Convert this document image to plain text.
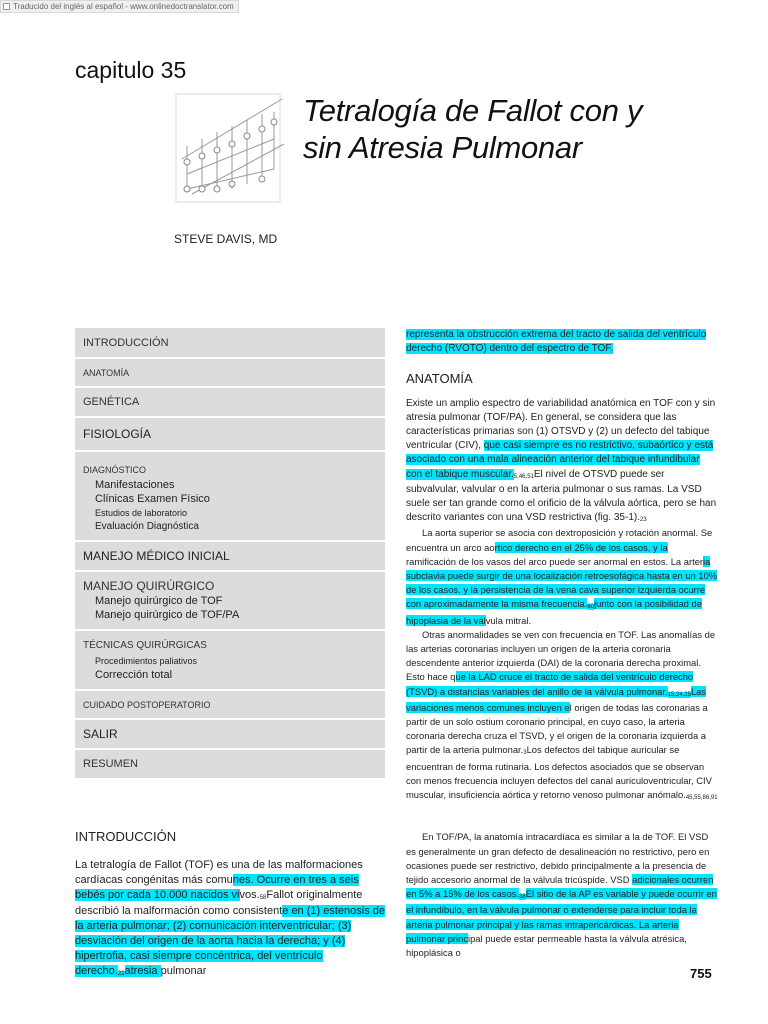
Traducido del inglés al español - www.onlinedoctranslator.com
capitulo 35
Tetralogía de Fallot con y
sin Atresia Pulmonar
STEVE DAVIS, MD
INTRODUCCIÓN
ANATOMÍA
GENÉTICA
FISIOLOGÍA
DIAGNÓSTICO
Manifestaciones
Clínicas Examen Físico
Estudios de laboratorio
Evaluación Diagnóstica
MANEJO MÉDICO INICIAL
MANEJO QUIRÚRGICO
Manejo quirúrgico de TOF
Manejo quirúrgico de TOF/PA
TÉCNICAS QUIRÚRGICAS
Procedimientos paliativos
Corrección total
CUIDADO POSTOPERATORIO
SALIR
RESUMEN
representa la obstrucción extrema del tracto de salida del ventrículo derecho (RVOTO) dentro del espectro de TOF.
ANATOMÍA
Existe un amplio espectro de variabilidad anatómica en TOF con y sin atresia pulmonar (TOF/PA). En general, se considera que las características primarias son (1) OTSVD y (2) un defecto del tabique ventricular (CIV), que casi siempre es no restrictivo, subaórtico y está asociado con una mala alineación anterior del tabique infundibular con el tabique muscular.$^{5,46,51}$El nivel de OTSVD puede ser subvalvular, valvular o en la arteria pulmonar o sus ramas. La VSD suele ser tan grande como el orificio de la válvula aórtica, pero se han descrito variantes con una VSD restrictiva (fig. 35-1).$^{23}$
La aorta superior se asocia con dextroposición y rotación anormal. Se encuentra un arco aortico derecho en el 25% de los casos, y la ramificación de los vasos del arco puede ser anormal en estos. La arteria subclavia puede surgir de una localización retroesofágica hasta en un 10% de los casos, y la persistencia de la vena cava superior izquierda ocurre con aproximadamente la misma frecuencia.$^{60}$junto con la posibilidad de hipoplasia de la válvula mitral.
Otras anormalidades se ven con frecuencia en TOF. Las anomalías de las arterias coronarias incluyen un origen de la arteria coronaria descendente anterior izquierda (DAI) de la coronaria derecha proximal. Esto hace que la LAD cruce el tracto de salida del ventrículo derecho (TSVD) a distancias variables del anillo de la válvula pulmonar.$^{15,24,25}$Las variaciones menos comunes incluyen el origen de todas las coronarias a partir de un solo ostium coronario principal, en cuyo caso, la arteria coronaria derecha cruza el TSVD, y el origen de la coronaria izquierda a partir de la arteria pulmonar.$^3$Los defectos del tabique auricular se encuentran de forma rutinaria. Los defectos asociados que se observan con menos frecuencia incluyen defectos del canal auriculoventricular, CIV muscular, insuficiencia aórtica y retorno venoso pulmonar anómalo.$^{45,55,86,91}$
En TOF/PA, la anatomía intracardíaca es similar a la de TOF. El VSD es generalmente un gran defecto de desalineación no restrictivo, pero en ocasiones puede ser restrictivo, debido principalmente a la presencia de tejido accesorio anormal de la válvula tricúspide. VSD adicionales ocurren en 5% a 15% de los casos.$^{38}$El sitio de la AP es variable y puede ocurrir en el infundíbulo, en la válvula pulmonar o extenderse para incluir toda la arteria pulmonar principal y las ramas intrapericárdicas. La arteria pulmonar principal puede estar permeable hasta la válvula atrésica, hipoplásica o
INTRODUCCIÓN
La tetralogía de Fallot (TOF) es una de las malformaciones cardíacas congénitas más comunes. Ocurre en tres a seis bebés por cada 10.000 nacidos vivos.$^{58}$Fallot originalmente describió la malformación como consistente en (1) estenosis de la arteria pulmonar; (2) comunicación interventricular; (3) desviación del origen de la aorta hacia la derecha; y (4) hipertrofia, casi siempre concéntrica, del ventrículo derecho.$^{22}$atresia pulmonar	755
